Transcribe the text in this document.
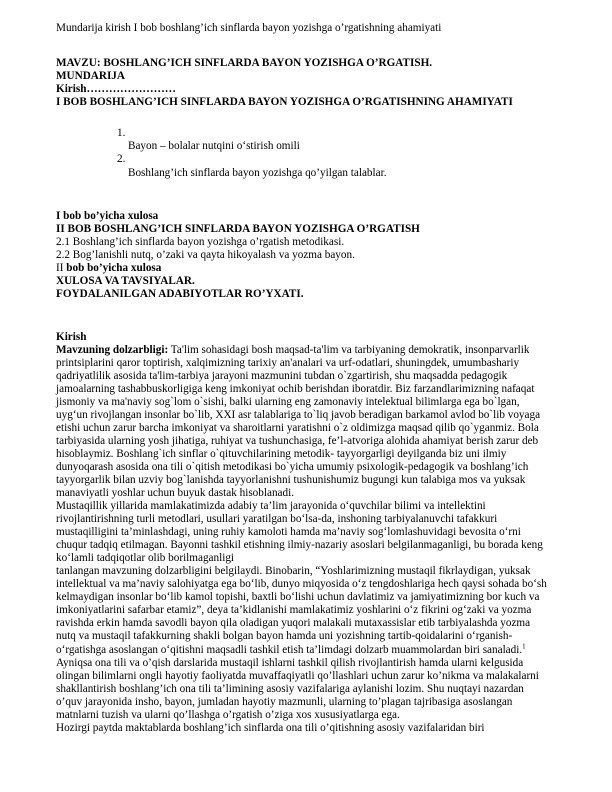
Mundarija kirish I bob boshlang’ich sinflarda bayon yozishga o’rgatishning ahamiyati
MAVZU: BOSHLANG’ICH SINFLARDA BAYON YOZISHGA O’RGATISH.
MUNDARIJA
Kirish……………………
I BOB BOSHLANG’ICH SINFLARDA BAYON YOZISHGA O’RGATISHNING AHAMIYATI
1.
Bayon – bolalar nutqini o‘stirish omili
2.
Boshlang’ich sinflarda bayon yozishga qo’yilgan talablar.
I bob bo’yicha xulosa
II BOB BOSHLANG’ICH SINFLARDA BAYON YOZISHGA O’RGATISH
2.1 Boshlang’ich sinflarda bayon yozishga o’rgatish metodikasi.
2.2 Bog’lanishli nutq, o’zaki va qayta hikoyalash va yozma bayon.
II bob bo’yicha xulosa
XULOSA VA TAVSIYALAR.
FOYDALANILGAN ADABIYOTLAR RO’YXATI.
Kirish
Mavzuning dolzarbligi: Ta'lim sohasidagi bosh maqsad-ta'lim va tarbiyaning demokratik, insonparvarlik
printsiplarini qaror toptirish, xalqimizning tarixiy an'analari va urf-odatlari, shuningdek, umumbashariy
qadriyatlilik asosida ta'lim-tarbiya jarayoni mazmunini tubdan o`zgartirish, shu maqsadda pedagogik
jamoalarning tashabbuskorligiga keng imkoniyat ochib berishdan iboratdir. Biz farzandlarimizning nafaqat
jismoniy va ma'naviy sog`lom o`sishi, balki ularning eng zamonaviy intelektual bilimlarga ega bo`lgan,
uyg‘un rivojlangan insonlar bo`lib, XXI asr talablariga to`liq javob beradigan barkamol avlod bo`lib voyaga
etishi uchun zarur barcha imkoniyat va sharoitlarni yaratishni o`z oldimizga maqsad qilib qo`yganmiz. Bola
tarbiyasida ularning yosh jihatiga, ruhiyat va tushunchasiga, fe’l-atvoriga alohida ahamiyat berish zarur deb
hisoblaymiz. Boshlang`ich sinflar o`qituvchilarining metodik- tayyorgarligi deyilganda biz uni ilmiy
dunyoqarash asosida ona tili o`qitish metodikasi bo`yicha umumiy psixologik-pedagogik va boshlang’ich
tayyorgarlik bilan uzviy bog`lanishda tayyorlanishni tushunishumiz bugungi kun talabiga mos va yuksak
manaviyatli yoshlar uchun buyuk dastak hisoblanadi.
Mustaqillik yillarida mamlakatimizda adabiy ta’lim jarayonida o‘quvchilar bilimi va intellektini
rivojlantirishning turli metodlari, usullari yaratilgan bo‘lsa-da, inshoning tarbiyalanuvchi tafakkuri
mustaqilligini ta’minlashdagi, uning ruhiy kamoloti hamda ma’naviy sog‘lomlashuvidagi bevosita o‘rni
chuqur tadqiq etilmagan. Bayonni tashkil etishning ilmiy-nazariy asoslari belgilanmaganligi, bu borada keng
ko‘lamli tadqiqotlar olib borilmaganligi
tanlangan mavzuning dolzarbligini belgilaydi. Binobarin, “Yoshlarimizning mustaqil fikrlaydigan, yuksak
intellektual va ma’naviy salohiyatga ega bo‘lib, dunyo miqyosida o‘z tengdoshlariga hech qaysi sohada bo‘sh
kelmaydigan insonlar bo‘lib kamol topishi, baxtli bo‘lishi uchun davlatimiz va jamiyatimizning bor kuch va
imkoniyatlarini safarbar etamiz”, deya ta’kidlanishi mamlakatimiz yoshlarini o‘z fikrini og‘zaki va yozma
ravishda erkin hamda savodli bayon qila oladigan yuqori malakali mutaxassislar etib tarbiyalashda yozma
nutq va mustaqil tafakkurning shakli bolgan bayon hamda uni yozishning tartib-qoidalarini o‘rganish-
o‘rgatishga asoslangan o‘qitishni maqsadli tashkil etish ta’limdagi dolzarb muammolardan biri sanaladi.$^1$
Ayniqsa ona tili va o’qish darslarida mustaqil ishlarni tashkil qilish rivojlantirish hamda ularni kelgusida
olingan bilimlarni ongli hayotiy faoliyatda muvaffaqiyatli qo’llashlari uchun zarur ko’nikma va malakalarni
shakllantirish boshlang’ich ona tili ta’limining asosiy vazifalariga aylanishi lozim. Shu nuqtayi nazardan
o’quv jarayonida insho, bayon, jumladan hayotiy mazmunli, ularning to’plagan tajribasiga asoslangan
matnlarni tuzish va ularni qo’llashga o’rgatish o’ziga xos xususiyatlarga ega.
Hozirgi paytda maktablarda boshlang’ich sinflarda ona tili o’qitishning asosiy vazifalaridan biri
